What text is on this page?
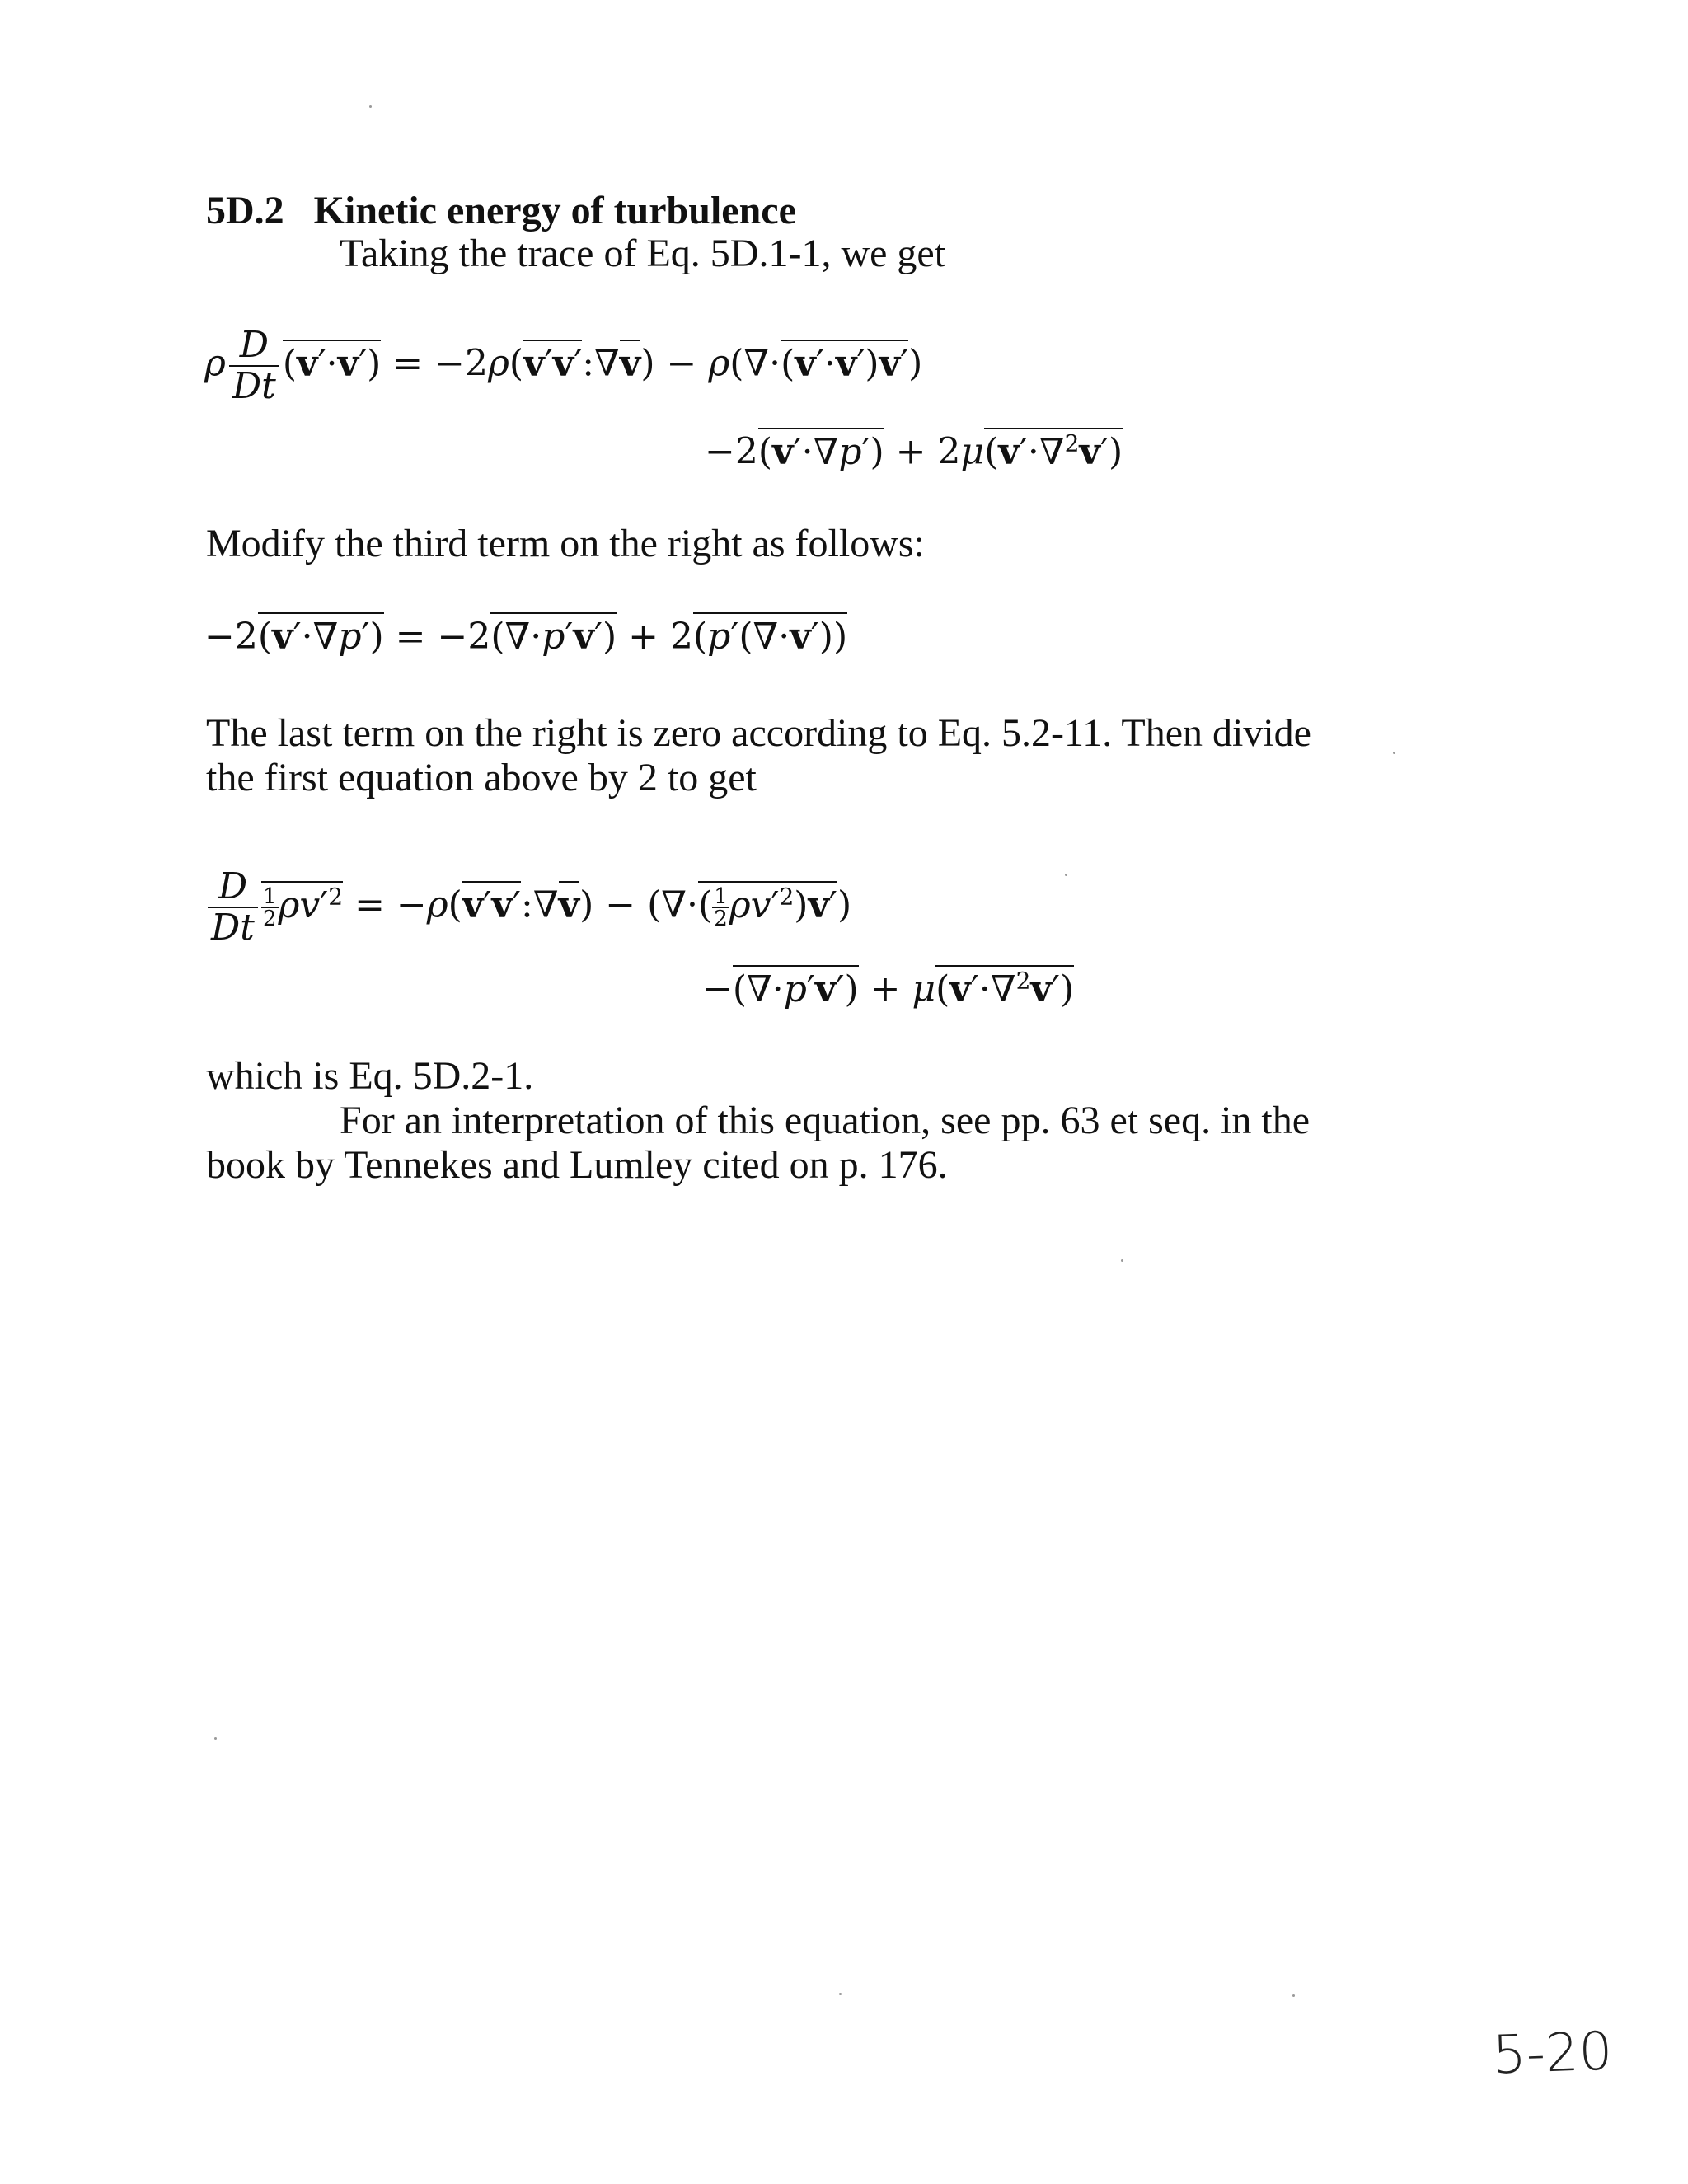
5D.2 Kinetic energy of turbulence
Taking the trace of Eq. 5D.1-1, we get
ρ $\frac{D}{Dt} (v'\cdot v')$ = −2ρ(v′v′:∇v) − ρ(∇·(v′·v′)v′)
−2(v′·∇p′) + 2μ(v′·∇$^2$v′)
Modify the third term on the right as follows:
−2(v′·∇p′) = −2(∇·p′v′) + 2(p′(∇·v′))
The last term on the right is zero according to Eq. 5.2-11. Then divide
the first equation above by 2 to get
$\frac{D}{Dt} \frac{1}{2} \rho v'^2$ = −ρ(v′v′:∇v) − (∇·( $\frac{1}{2} \rho v'^2)v'$)
−(∇·p′v′) + μ(v′·∇$^2$v′)
which is Eq. 5D.2-1.
For an interpretation of this equation, see pp. 63 et seq. in the
book by Tennekes and Lumley cited on p. 176.
5-20
